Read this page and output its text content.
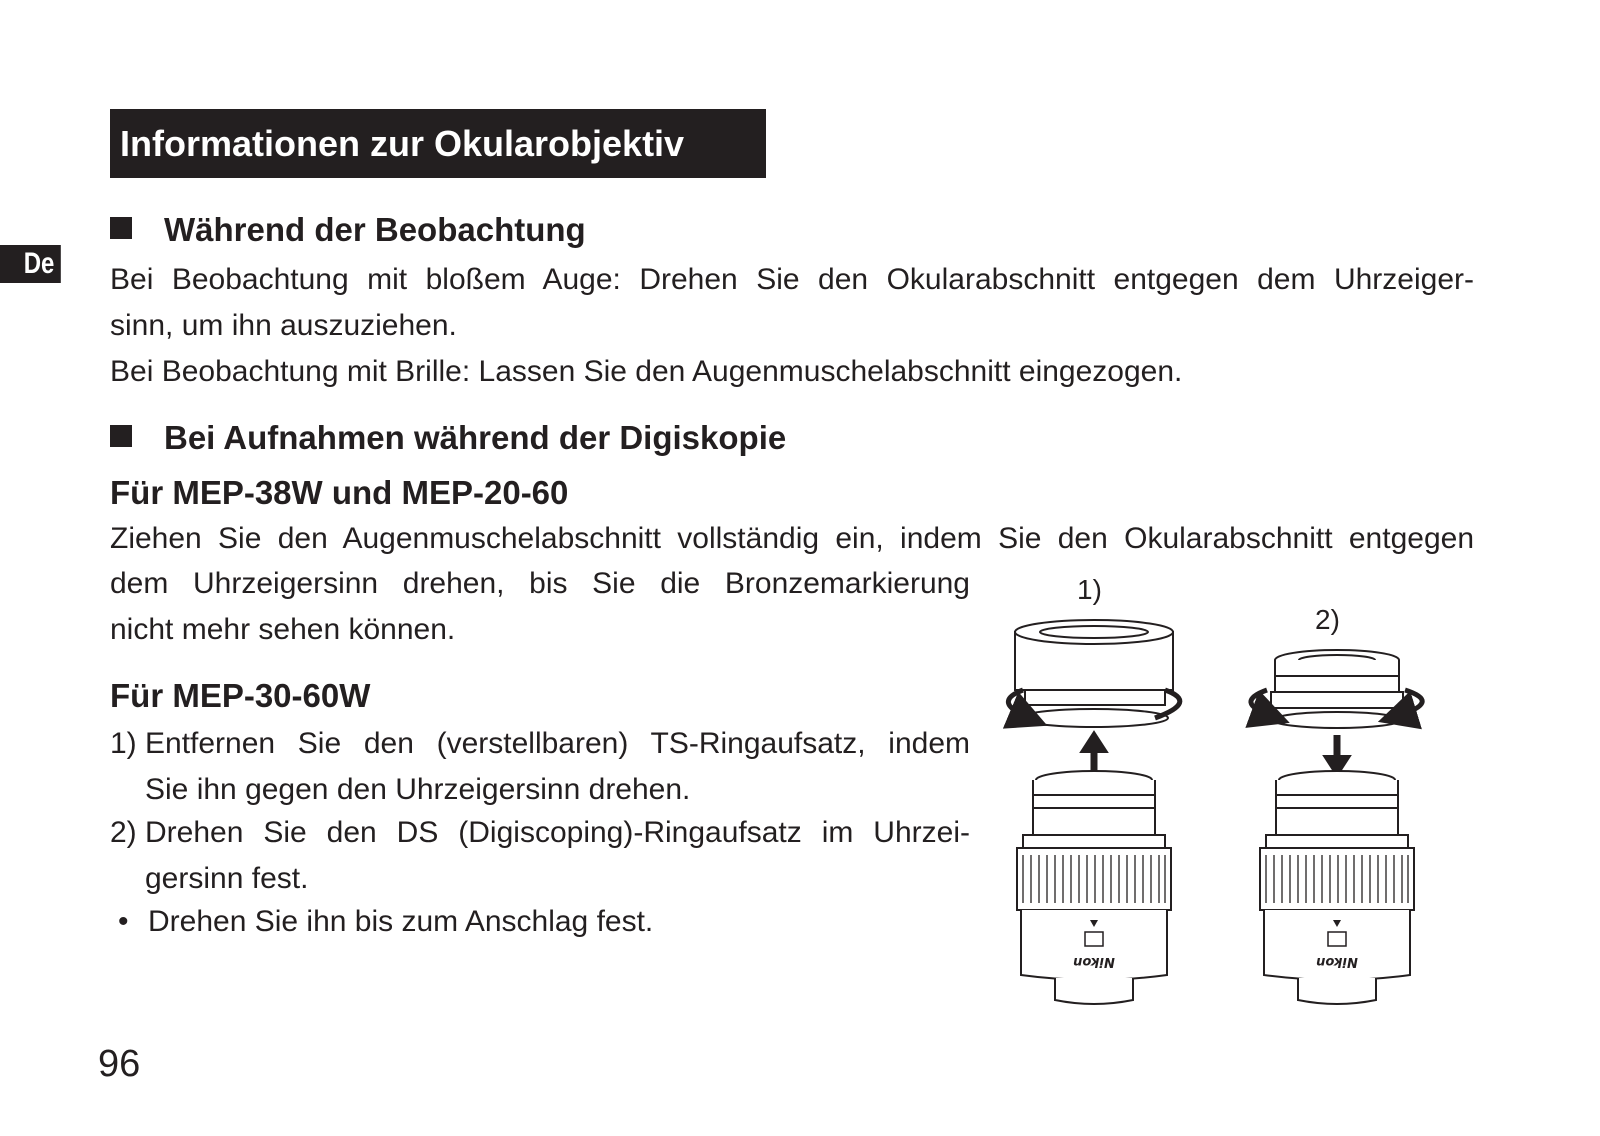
Informationen zur Okularobjektiv
De
Während der Beobachtung
Bei Beobachtung mit bloßem Auge: Drehen Sie den Okularabschnitt entgegen dem Uhrzeiger-
sinn, um ihn auszuziehen.
Bei Beobachtung mit Brille: Lassen Sie den Augenmuschelabschnitt eingezogen.
Bei Aufnahmen während der Digiskopie
Für MEP-38W und MEP-20-60
Ziehen Sie den Augenmuschelabschnitt vollständig ein, indem Sie den Okularabschnitt entgegen
dem Uhrzeigersinn drehen, bis Sie die Bronzemarkierung
nicht mehr sehen können.
Für MEP-30-60W
1) Entfernen Sie den (verstellbaren) TS-Ringaufsatz, indem
Sie ihn gegen den Uhrzeigersinn drehen.
2) Drehen Sie den DS (Digiscoping)-Ringaufsatz im Uhrzei-
gersinn fest.
• Drehen Sie ihn bis zum Anschlag fest.
96
1)
2)
Nikon	Nikon
